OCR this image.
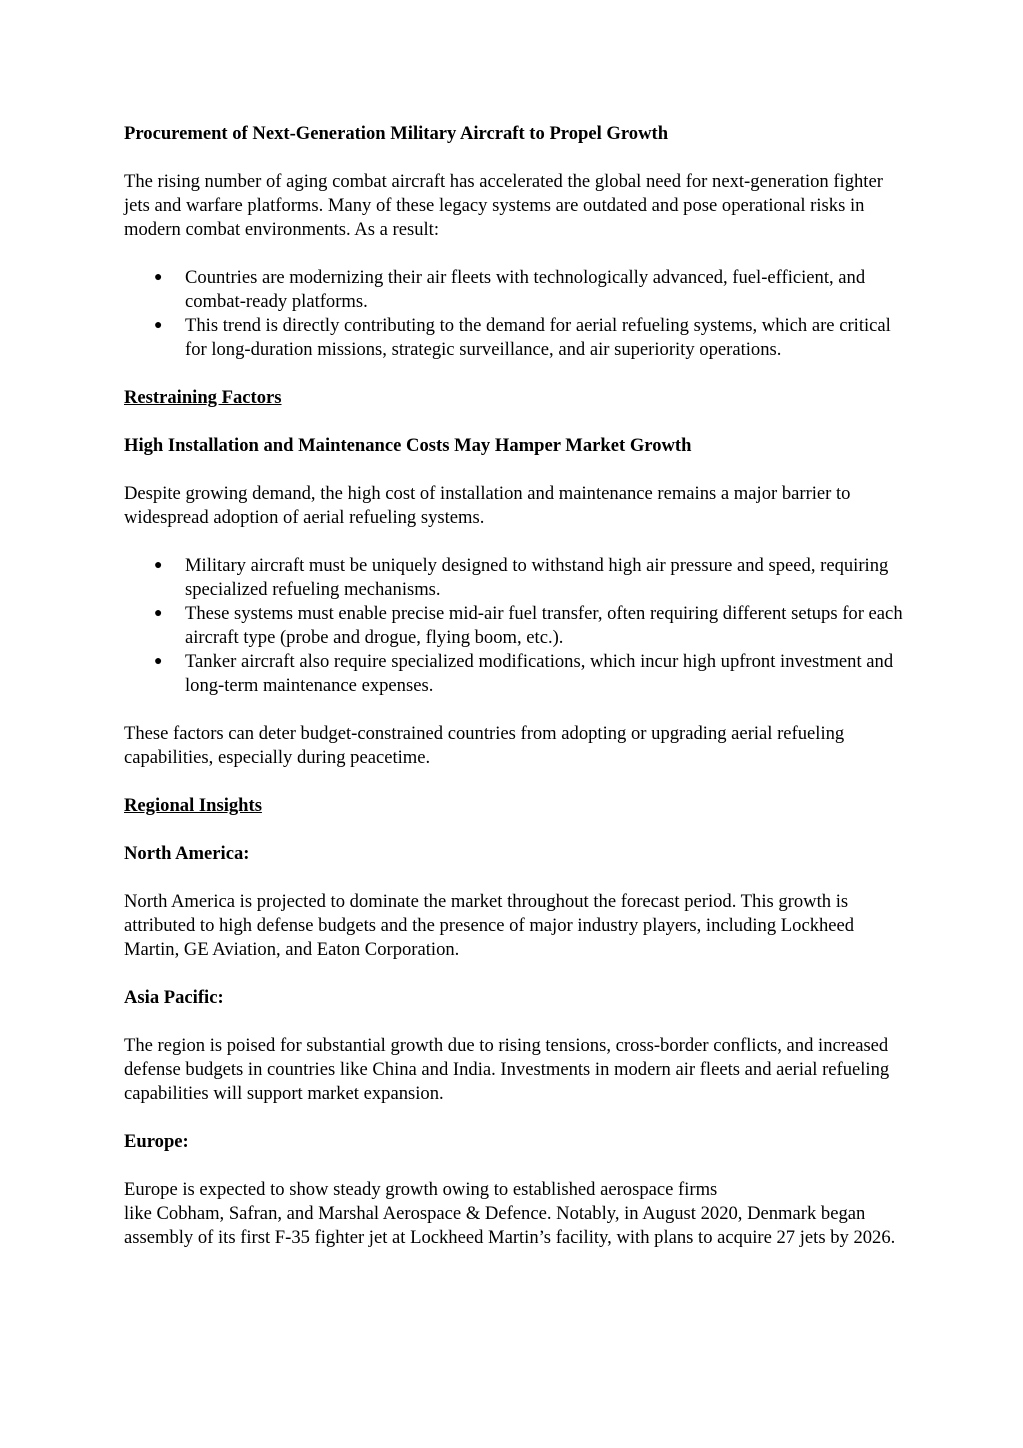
Procurement of Next-Generation Military Aircraft to Propel Growth

The rising number of aging combat aircraft has accelerated the global need for next-generation fighter jets and warfare platforms. Many of these legacy systems are outdated and pose operational risks in modern combat environments. As a result:

● Countries are modernizing their air fleets with technologically advanced, fuel-efficient, and combat-ready platforms.
● This trend is directly contributing to the demand for aerial refueling systems, which are critical for long-duration missions, strategic surveillance, and air superiority operations.

Restraining Factors

High Installation and Maintenance Costs May Hamper Market Growth

Despite growing demand, the high cost of installation and maintenance remains a major barrier to widespread adoption of aerial refueling systems.

● Military aircraft must be uniquely designed to withstand high air pressure and speed, requiring specialized refueling mechanisms.
● These systems must enable precise mid-air fuel transfer, often requiring different setups for each aircraft type (probe and drogue, flying boom, etc.).
● Tanker aircraft also require specialized modifications, which incur high upfront investment and long-term maintenance expenses.

These factors can deter budget-constrained countries from adopting or upgrading aerial refueling capabilities, especially during peacetime.

Regional Insights

North America:

North America is projected to dominate the market throughout the forecast period. This growth is attributed to high defense budgets and the presence of major industry players, including Lockheed Martin, GE Aviation, and Eaton Corporation.

Asia Pacific:

The region is poised for substantial growth due to rising tensions, cross-border conflicts, and increased defense budgets in countries like China and India. Investments in modern air fleets and aerial refueling capabilities will support market expansion.

Europe:

Europe is expected to show steady growth owing to established aerospace firms
like Cobham, Safran, and Marshal Aerospace & Defence. Notably, in August 2020, Denmark began assembly of its first F-35 fighter jet at Lockheed Martin’s facility, with plans to acquire 27 jets by 2026.
